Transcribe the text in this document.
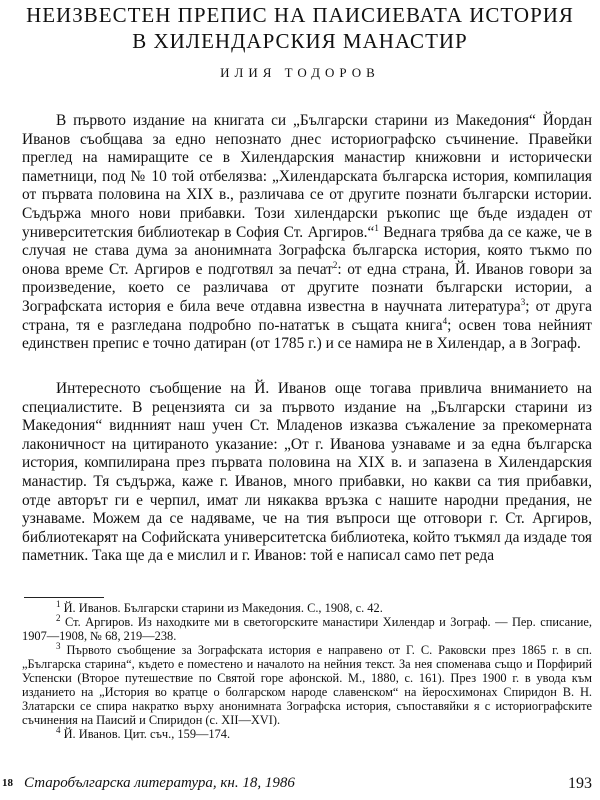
НЕИЗВЕСТЕН ПРЕПИС НА ПАИСИЕВАТА ИСТОРИЯ
В ХИЛЕНДАРСКИЯ МАНАСТИР
ИЛИЯ ТОДОРОВ

В първото издание на книгата си „Български старини из Македония“ Йордан Иванов съобщава за едно непознато днес историографско съчинение. Правейки преглед на намиращите се в Хилендарския манастир книжовни и исторически паметници, под № 10 той отбелязва: „Хилендарската българска история, компилация от първата половина на XIX в., различава се от другите познати български истории. Съдържа много нови прибавки. Този хилендарски ръкопис ще бъде издаден от университетския библиотекар в София Ст. Аргиров.“$^1$ Веднага трябва да се каже, че в случая не става дума за анонимната Зографска българска история, която тъкмо по онова време Ст. Аргиров е подготвял за печат$^2$: от една страна, Й. Иванов говори за произведение, което се различава от другите познати български истории, а Зографската история е била вече отдавна известна в научната литература$^3$; от друга страна, тя е разгледана подробно по-нататък в същата книга$^4$; освен това нейният единствен препис е точно датиран (от 1785 г.) и се намира не в Хилендар, а в Зограф.

Интересното съобщение на Й. Иванов още тогава привлича вниманието на специалистите. В рецензията си за първото издание на „Български старини из Македония“ виднният наш учен Ст. Младенов изказва съжаление за прекомерната лаконичност на цитираното указание: „От г. Иванова узнаваме и за една българска история, компилирана през първата половина на XIX в. и запазена в Хилендарския манастир. Тя съдържа, каже г. Иванов, много прибавки, но какви са тия прибавки, отде авторът ги е черпил, имат ли някаква връзка с нашите народни предания, не узнаваме. Можем да се надяваме, че на тия въпроси ще отговори г. Ст. Аргиров, библиотекарят на Софийската университетска библиотека, който тъкмял да издаде тоя паметник. Така ще да е мислил и г. Иванов: той е написал само пет реда

$^1$ Й. Иванов. Български старини из Македония. С., 1908, с. 42.

$^2$ Ст. Аргиров. Из находките ми в светогорските манастири Хилендар и Зограф. — Пер. списание, 1907—1908, № 68, 219—238.

$^3$ Първото съобщение за Зографската история е направено от Г. С. Раковски през 1865 г. в сп. „Българска старина“, където е поместено и началото на нейния текст. За нея споменава също и Порфирий Успенски (Второе путешествие по Святой горе афонской. М., 1880, с. 161). През 1900 г. в увода към изданието на „История во кратце о болгарском народе славенском“ на йеросхимонах Спиридон В. Н. Златарски се спира накратко върху анонимната Зографска история, съпоставяйки я с историографските съчинения на Паисий и Спиридон (с. XII—XVI).

$^4$ Й. Иванов. Цит. съч., 159—174.

18 Старобългарска литература, кн. 18, 1986	193
